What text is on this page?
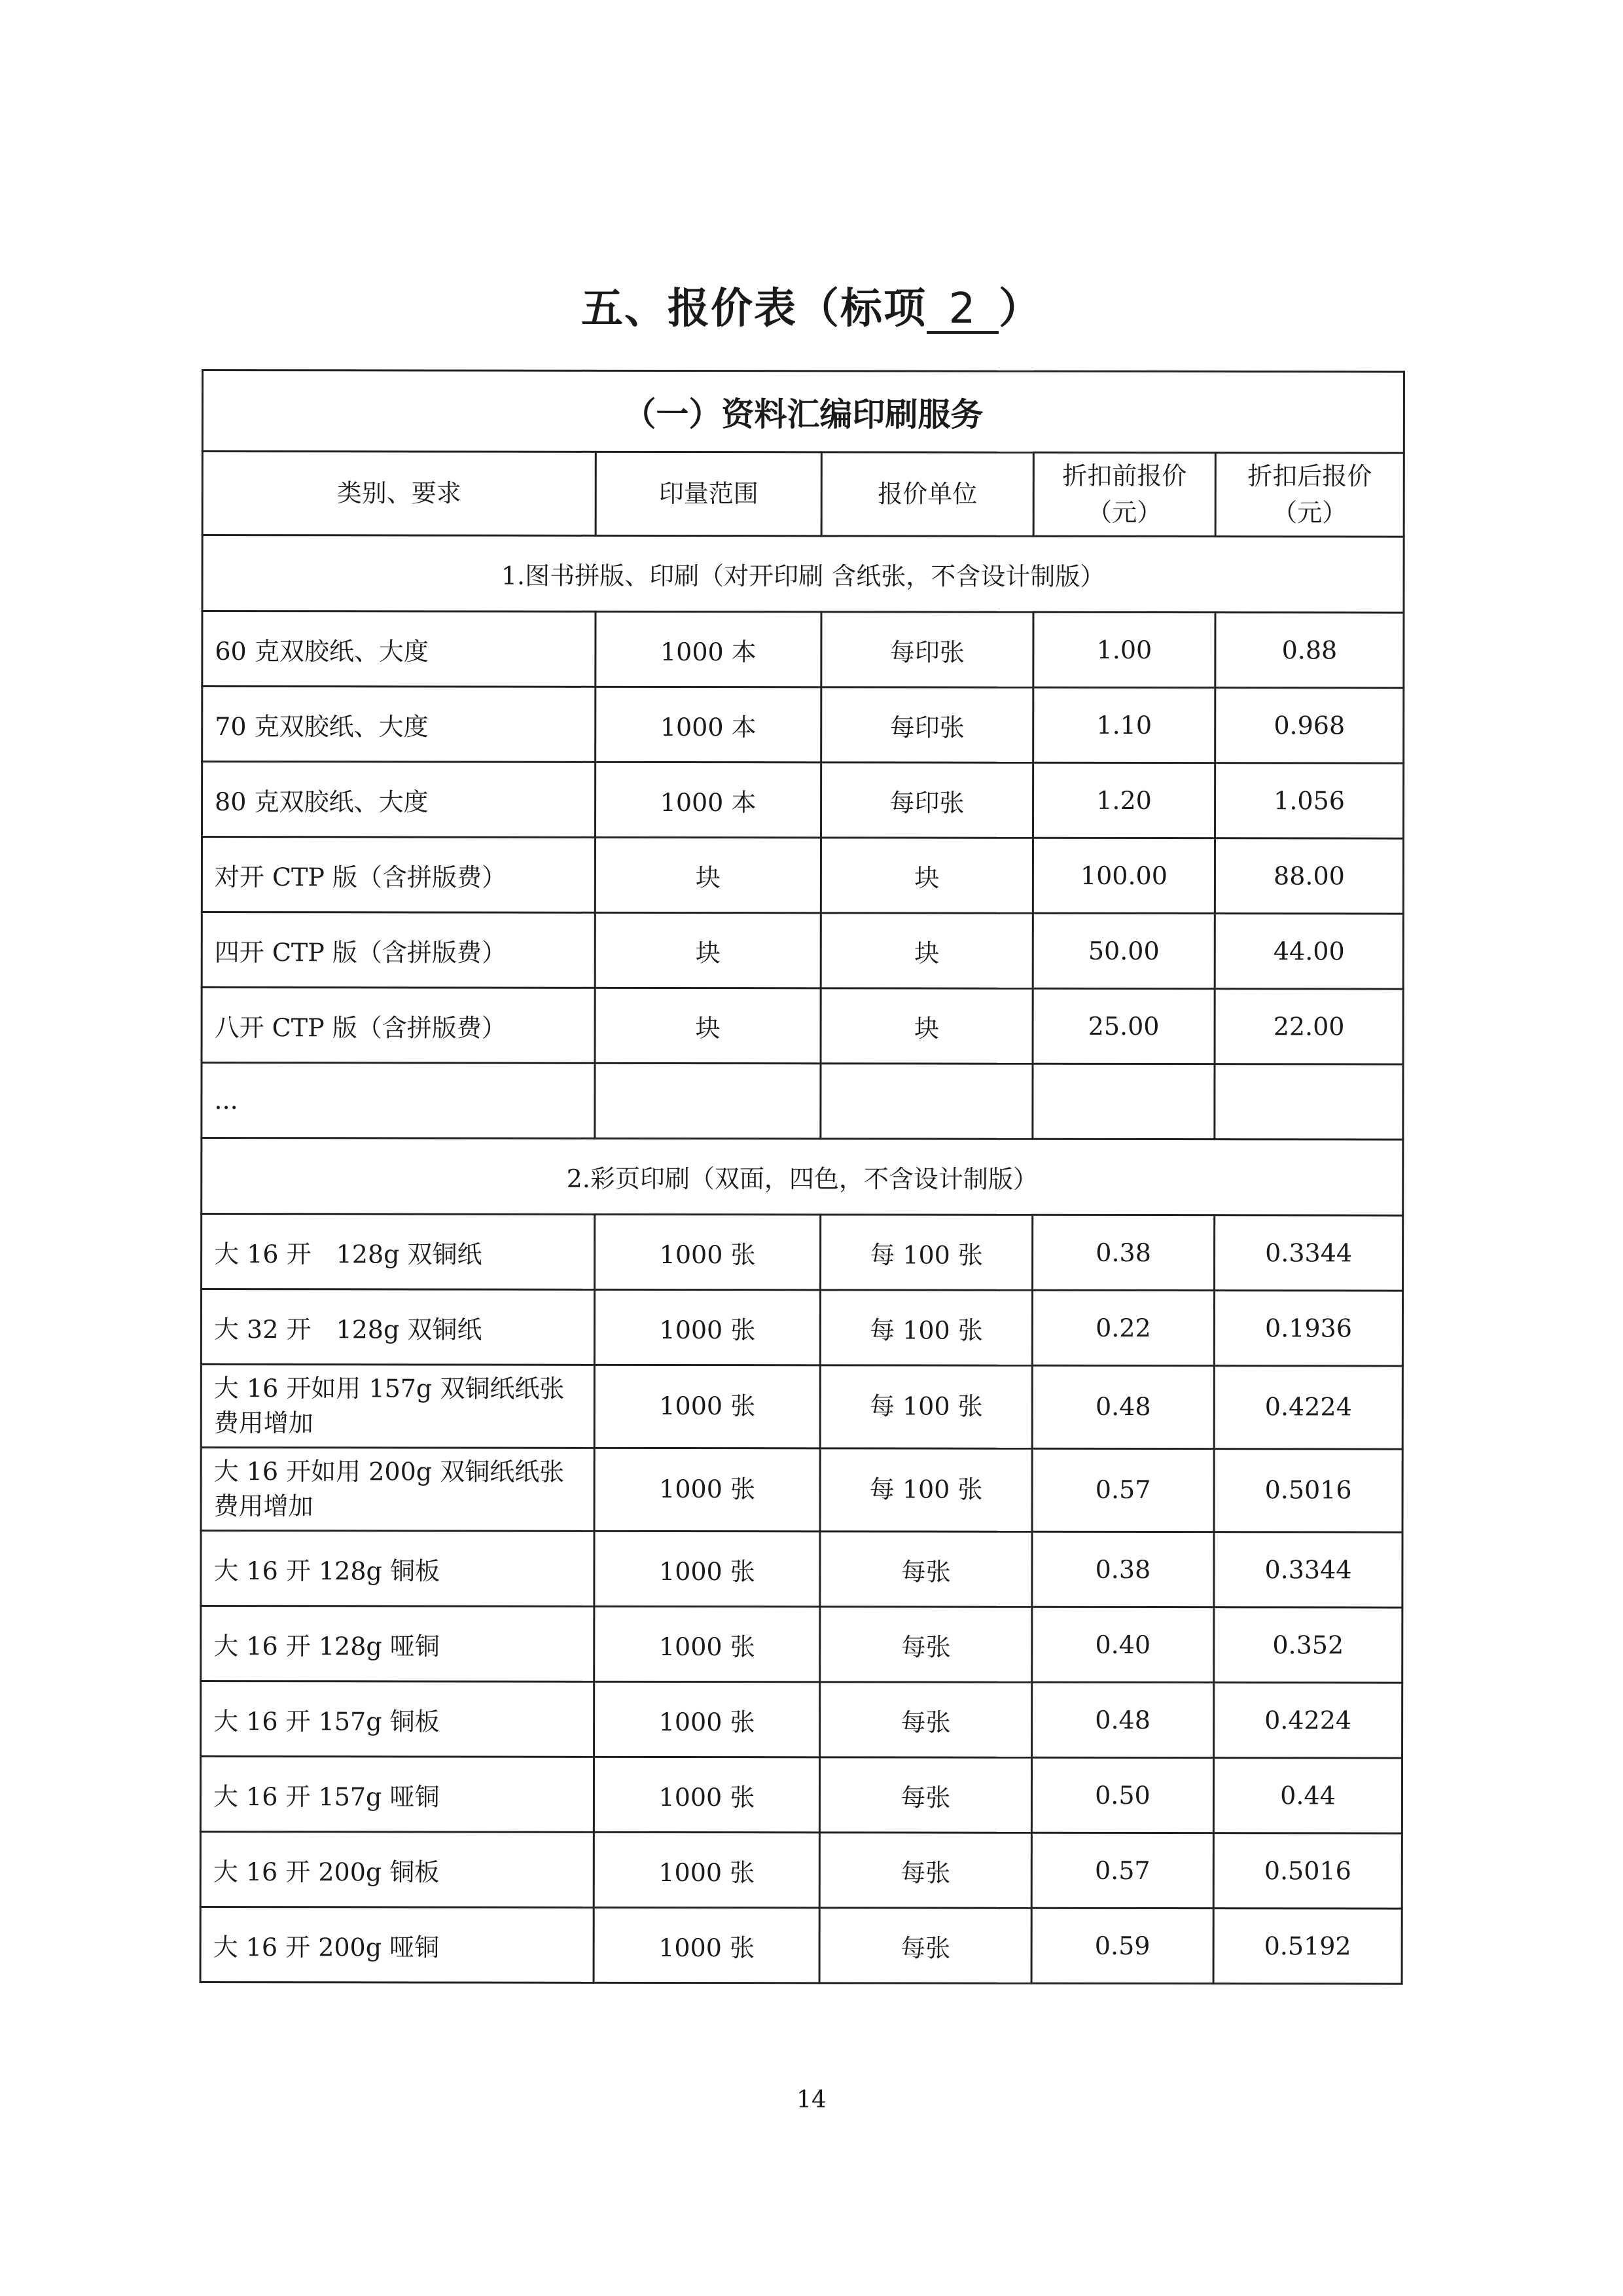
五、报价表（标项 2 ）
（一）资料汇编印刷服务				
类别、要求	印量范围	报价单位	折扣前报价（元）	折扣后报价（元）
1.图书拼版、印刷（对开印刷 含纸张，不含设计制版）				
60 克双胶纸、大度	1000 本	每印张	1.00	0.88
70 克双胶纸、大度	1000 本	每印张	1.10	0.968
80 克双胶纸、大度	1000 本	每印张	1.20	1.056
对开 CTP 版（含拼版费）	块	块	100.00	88.00
四开 CTP 版（含拼版费）	块	块	50.00	44.00
八开 CTP 版（含拼版费）	块	块	25.00	22.00
...				
2.彩页印刷（双面，四色，不含设计制版）				
大 16 开　128g 双铜纸	1000 张	每 100 张	0.38	0.3344
大 32 开　128g 双铜纸	1000 张	每 100 张	0.22	0.1936
大 16 开如用 157g 双铜纸纸张费用增加	1000 张	每 100 张	0.48	0.4224
大 16 开如用 200g 双铜纸纸张费用增加	1000 张	每 100 张	0.57	0.5016
大 16 开 128g 铜板	1000 张	每张	0.38	0.3344
大 16 开 128g 哑铜	1000 张	每张	0.40	0.352
大 16 开 157g 铜板	1000 张	每张	0.48	0.4224
大 16 开 157g 哑铜	1000 张	每张	0.50	0.44
大 16 开 200g 铜板	1000 张	每张	0.57	0.5016
大 16 开 200g 哑铜	1000 张	每张	0.59	0.5192
14
